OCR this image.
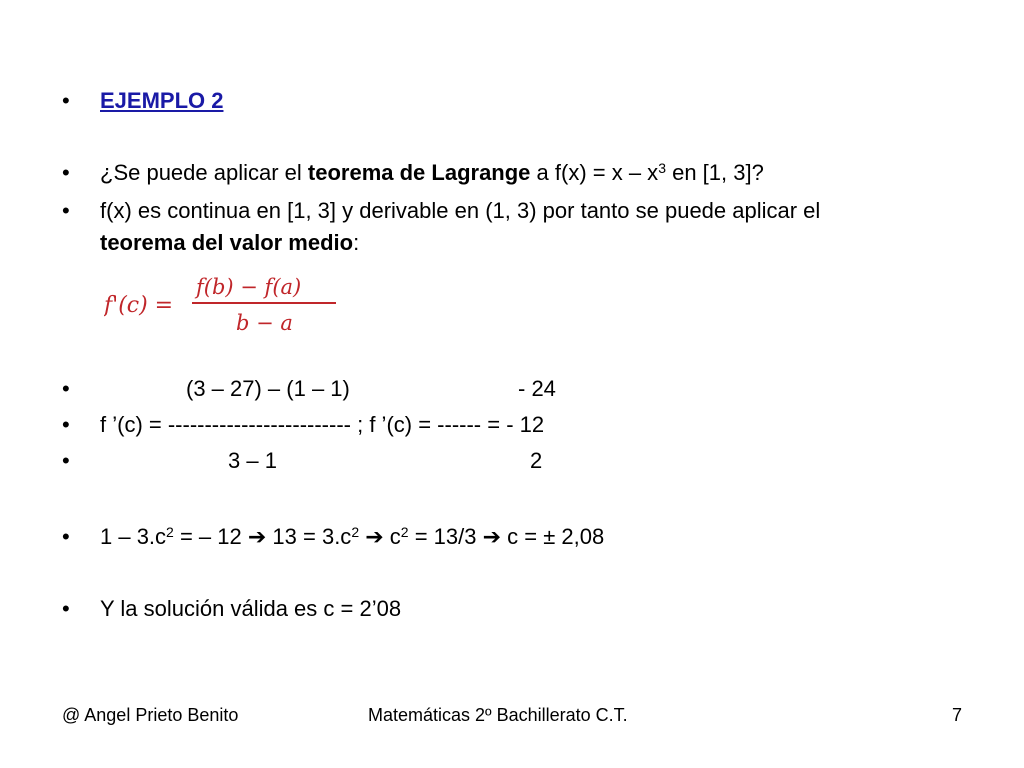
• EJEMPLO 2
• ¿Se puede aplicar el teorema de Lagrange a $f(x) = x - x^3$ en [1, 3]?
• f(x) es continua en [1, 3] y derivable en (1, 3) por tanto se puede aplicar el
teorema del valor medio:
f'(c) =
f(b) − f(a)
b − a
•	(3 – 27) – (1 – 1)	- 24
• f ’(c) = ------------------------- ; f ’(c) = ------ = - 12
•	3 – 1	2
• $1 - 3.c^2$ = – 12 ➔ $13 = 3.c^2$ ➔ $c^2 = 13/3$ ➔ c = ± 2,08
• Y la solución válida es c = 2’08
@ Angel Prieto Benito	Matemáticas 2º Bachillerato C.T.	7
